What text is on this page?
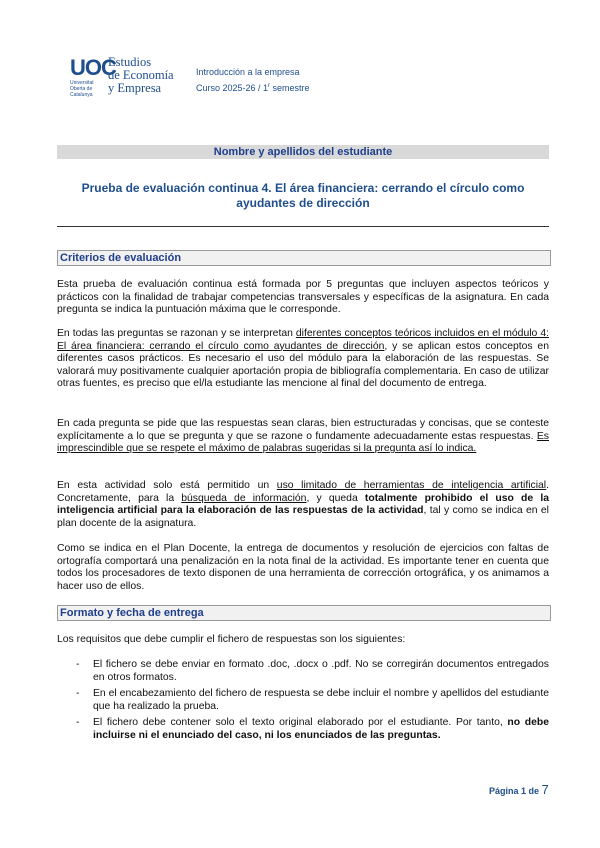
UOC
Universitat Oberta de Catalunya
Estudios
de Economía
y Empresa
Introducción a la empresa
Curso 2025-26 / 1$^r$ semestre
Nombre y apellidos del estudiante
Prueba de evaluación continua 4. El área financiera: cerrando el círculo como ayudantes de dirección
Criterios de evaluación
Esta prueba de evaluación continua está formada por 5 preguntas que incluyen aspectos teóricos y prácticos con la finalidad de trabajar competencias transversales y específicas de la asignatura. En cada pregunta se indica la puntuación máxima que le corresponde.
En todas las preguntas se razonan y se interpretan diferentes conceptos teóricos incluidos en el módulo 4: El área financiera: cerrando el círculo como ayudantes de dirección, y se aplican estos conceptos en diferentes casos prácticos. Es necesario el uso del módulo para la elaboración de las respuestas. Se valorará muy positivamente cualquier aportación propia de bibliografía complementaria. En caso de utilizar otras fuentes, es preciso que el/la estudiante las mencione al final del documento de entrega.
En cada pregunta se pide que las respuestas sean claras, bien estructuradas y concisas, que se conteste explícitamente a lo que se pregunta y que se razone o fundamente adecuadamente estas respuestas. Es imprescindible que se respete el máximo de palabras sugeridas si la pregunta así lo indica.
En esta actividad solo está permitido un uso limitado de herramientas de inteligencia artificial. Concretamente, para la búsqueda de información, y queda totalmente prohibido el uso de la inteligencia artificial para la elaboración de las respuestas de la actividad, tal y como se indica en el plan docente de la asignatura.
Como se indica en el Plan Docente, la entrega de documentos y resolución de ejercicios con faltas de ortografía comportará una penalización en la nota final de la actividad. Es importante tener en cuenta que todos los procesadores de texto disponen de una herramienta de corrección ortográfica, y os animamos a hacer uso de ellos.
Formato y fecha de entrega
Los requisitos que debe cumplir el fichero de respuestas son los siguientes:
-	El fichero se debe enviar en formato .doc, .docx o .pdf. No se corregirán documentos entregados en otros formatos.
-	En el encabezamiento del fichero de respuesta se debe incluir el nombre y apellidos del estudiante que ha realizado la prueba.
-	El fichero debe contener solo el texto original elaborado por el estudiante. Por tanto, no debe incluirse ni el enunciado del caso, ni los enunciados de las preguntas.
Página 1 de 7
